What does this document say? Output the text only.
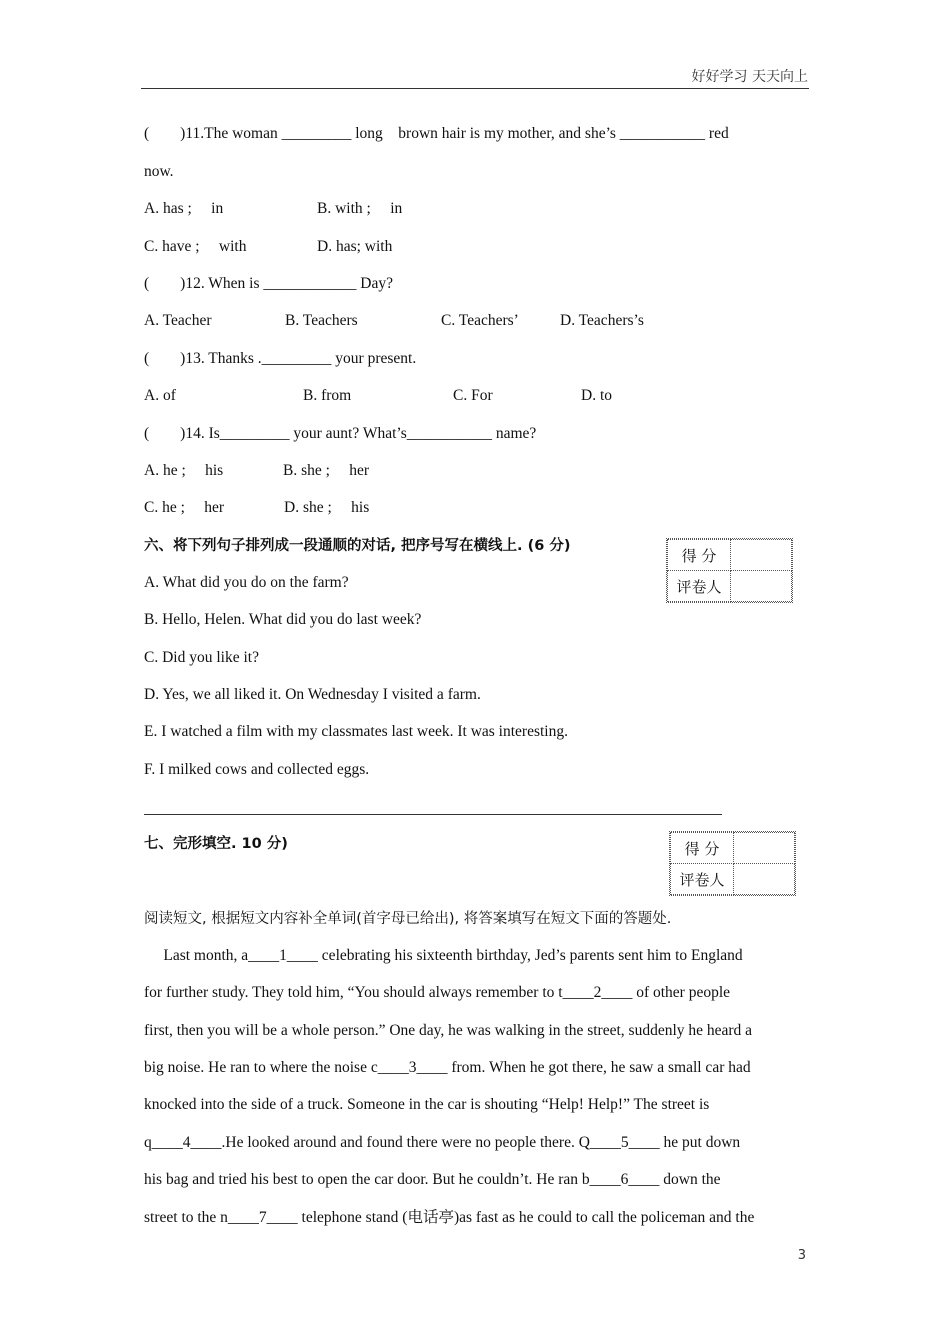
好好学习 天天向上
(        )11.The woman _________ long    brown hair is my mother, and she’s ___________ red
now.
A. has ;     in	B. with ;     in
C. have ;     with	D. has; with
(        )12. When is ____________ Day?
A. Teacher	B. Teachers	C. Teachers’	D. Teachers’s
(        )13. Thanks ._________ your present.
A. of	B. from	C. For	D. to
(        )14. Is_________ your aunt? What’s___________ name?
A. he ;     his	B. she ;     her
C. he ;     her	D. she ;     his
六、将下列句子排列成一段通顺的对话, 把序号写在横线上. (6 分)
得 分	
评卷人	
A. What did you do on the farm?
B. Hello, Helen. What did you do last week?
C. Did you like it?
D. Yes, we all liked it. On Wednesday I visited a farm.
E. I watched a film with my classmates last week. It was interesting.
F. I milked cows and collected eggs.
七、完形填空. 10 分)	得 分	
评卷人	
阅读短文, 根据短文内容补全单词(首字母已给出), 将答案填写在短文下面的答题处.
Last month, a____1____ celebrating his sixteenth birthday, Jed’s parents sent him to England
for further study. They told him, “You should always remember to t____2____ of other people
first, then you will be a whole person.” One day, he was walking in the street, suddenly he heard a
big noise. He ran to where the noise c____3____ from. When he got there, he saw a small car had
knocked into the side of a truck. Someone in the car is shouting “Help! Help!” The street is
q____4____.He looked around and found there were no people there. Q____5____ he put down
his bag and tried his best to open the car door. But he couldn’t. He ran b____6____ down the
street to the n____7____ telephone stand (电话亭)as fast as he could to call the policeman and the
3
